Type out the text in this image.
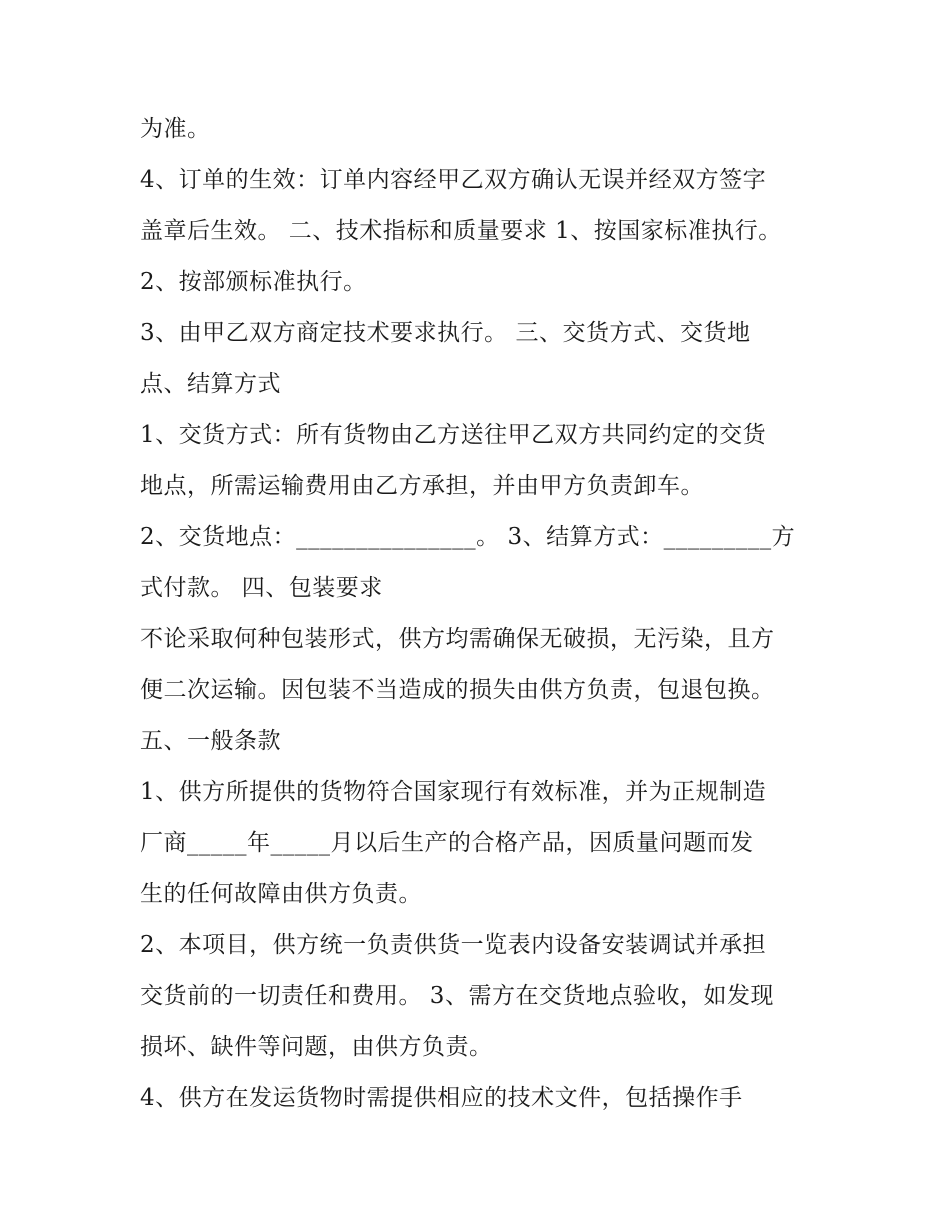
为准。
4、订单的生效：订单内容经甲乙双方确认无误并经双方签字
盖章后生效。 二、技术指标和质量要求 1、按国家标准执行。
2、按部颁标准执行。
3、由甲乙双方商定技术要求执行。 三、交货方式、交货地
点、结算方式
1、交货方式：所有货物由乙方送往甲乙双方共同约定的交货
地点，所需运输费用由乙方承担，并由甲方负责卸车。
2、交货地点：_______________。 3、结算方式：_________方
式付款。 四、包装要求
不论采取何种包装形式，供方均需确保无破损，无污染，且方
便二次运输。因包装不当造成的损失由供方负责，包退包换。
五、一般条款
1、供方所提供的货物符合国家现行有效标准，并为正规制造
厂商_____年_____月以后生产的合格产品，因质量问题而发
生的任何故障由供方负责。
2、本项目，供方统一负责供货一览表内设备安装调试并承担
交货前的一切责任和费用。 3、需方在交货地点验收，如发现
损坏、缺件等问题，由供方负责。
4、供方在发运货物时需提供相应的技术文件，包括操作手
